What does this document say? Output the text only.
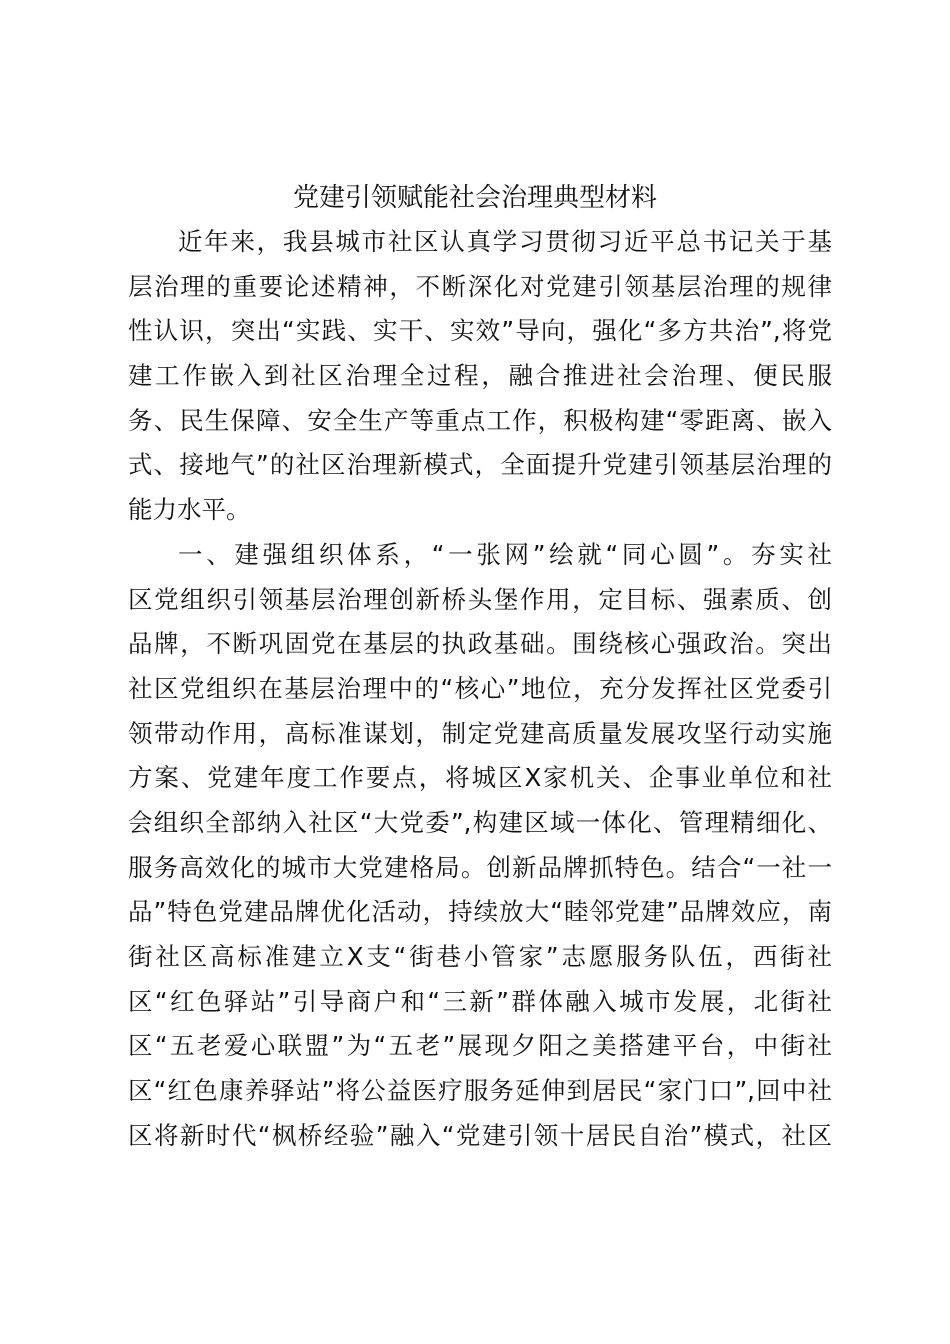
党建引领赋能社会治理典型材料
近年来，我县城市社区认真学习贯彻习近平总书记关于基
层治理的重要论述精神，不断深化对党建引领基层治理的规律
性认识，突出“实践、实干、实效”导向，强化“多方共治”,将党
建工作嵌入到社区治理全过程，融合推进社会治理、便民服
务、民生保障、安全生产等重点工作，积极构建“零距离、嵌入
式、接地气”的社区治理新模式，全面提升党建引领基层治理的
能力水平。
一、建强组织体系，“一张网”绘就“同心圆”。夯实社
区党组织引领基层治理创新桥头堡作用，定目标、强素质、创
品牌，不断巩固党在基层的执政基础。围绕核心强政治。突出
社区党组织在基层治理中的“核心”地位，充分发挥社区党委引
领带动作用，高标准谋划，制定党建高质量发展攻坚行动实施
方案、党建年度工作要点，将城区X家机关、企事业单位和社
会组织全部纳入社区“大党委”,构建区域一体化、管理精细化、
服务高效化的城市大党建格局。创新品牌抓特色。结合“一社一
品”特色党建品牌优化活动，持续放大“睦邻党建”品牌效应，南
街社区高标准建立X支“街巷小管家”志愿服务队伍，西街社
区“红色驿站”引导商户和“三新”群体融入城市发展，北街社
区“五老爱心联盟”为“五老”展现夕阳之美搭建平台，中街社
区“红色康养驿站”将公益医疗服务延伸到居民“家门口”,回中社
区将新时代“枫桥经验”融入“党建引领十居民自治”模式，社区
